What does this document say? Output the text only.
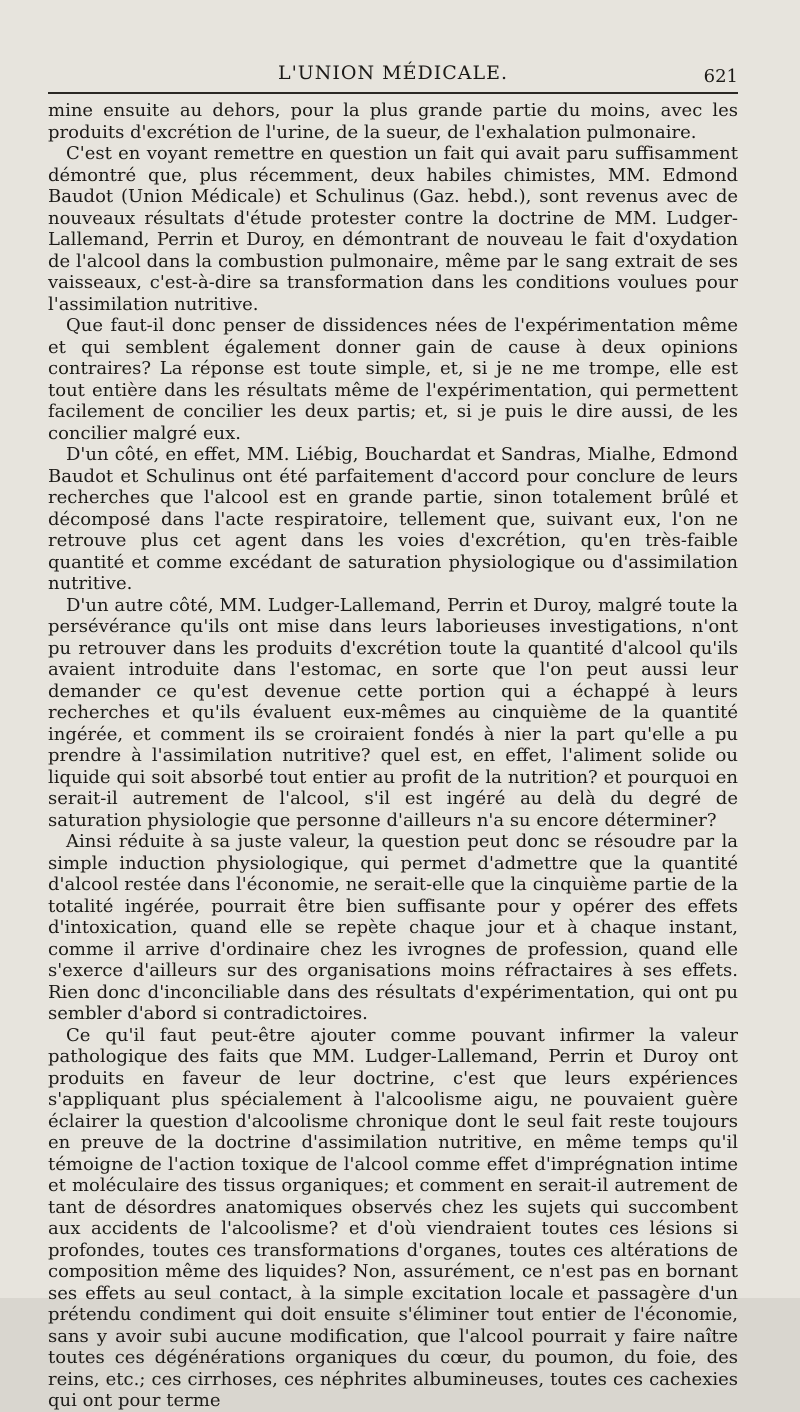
L'UNION MÉDICALE.	621

mine ensuite au dehors, pour la plus grande partie du moins, avec les produits d'excrétion de l'urine, de la sueur, de l'exhalation pulmonaire.

C'est en voyant remettre en question un fait qui avait paru suffisamment démontré que, plus récemment, deux habiles chimistes, MM. Edmond Baudot (Union Médicale) et Schulinus (Gaz. hebd.), sont revenus avec de nouveaux résultats d'étude protester contre la doctrine de MM. Ludger-Lallemand, Perrin et Duroy, en démontrant de nouveau le fait d'oxydation de l'alcool dans la combustion pulmonaire, même par le sang extrait de ses vaisseaux, c'est-à-dire sa transformation dans les conditions voulues pour l'assimilation nutritive.

Que faut-il donc penser de dissidences nées de l'expérimentation même et qui semblent également donner gain de cause à deux opinions contraires? La réponse est toute simple, et, si je ne me trompe, elle est tout entière dans les résultats même de l'expérimentation, qui permettent facilement de concilier les deux partis; et, si je puis le dire aussi, de les concilier malgré eux.

D'un côté, en effet, MM. Liébig, Bouchardat et Sandras, Mialhe, Edmond Baudot et Schulinus ont été parfaitement d'accord pour conclure de leurs recherches que l'alcool est en grande partie, sinon totalement brûlé et décomposé dans l'acte respiratoire, tellement que, suivant eux, l'on ne retrouve plus cet agent dans les voies d'excrétion, qu'en très-faible quantité et comme excédant de saturation physiologique ou d'assimilation nutritive.

D'un autre côté, MM. Ludger-Lallemand, Perrin et Duroy, malgré toute la persévérance qu'ils ont mise dans leurs laborieuses investigations, n'ont pu retrouver dans les produits d'excrétion toute la quantité d'alcool qu'ils avaient introduite dans l'estomac, en sorte que l'on peut aussi leur demander ce qu'est devenue cette portion qui a échappé à leurs recherches et qu'ils évaluent eux-mêmes au cinquième de la quantité ingérée, et comment ils se croiraient fondés à nier la part qu'elle a pu prendre à l'assimilation nutritive? quel est, en effet, l'aliment solide ou liquide qui soit absorbé tout entier au profit de la nutrition? et pourquoi en serait-il autrement de l'alcool, s'il est ingéré au delà du degré de saturation physiologie que personne d'ailleurs n'a su encore déterminer?

Ainsi réduite à sa juste valeur, la question peut donc se résoudre par la simple induction physiologique, qui permet d'admettre que la quantité d'alcool restée dans l'économie, ne serait-elle que la cinquième partie de la totalité ingérée, pourrait être bien suffisante pour y opérer des effets d'intoxication, quand elle se repète chaque jour et à chaque instant, comme il arrive d'ordinaire chez les ivrognes de profession, quand elle s'exerce d'ailleurs sur des organisations moins réfractaires à ses effets. Rien donc d'inconciliable dans des résultats d'expérimentation, qui ont pu sembler d'abord si contradictoires.

Ce qu'il faut peut-être ajouter comme pouvant infirmer la valeur pathologique des faits que MM. Ludger-Lallemand, Perrin et Duroy ont produits en faveur de leur doctrine, c'est que leurs expériences s'appliquant plus spécialement à l'alcoolisme aigu, ne pouvaient guère éclairer la question d'alcoolisme chronique dont le seul fait reste toujours en preuve de la doctrine d'assimilation nutritive, en même temps qu'il témoigne de l'action toxique de l'alcool comme effet d'imprégnation intime et moléculaire des tissus organiques; et comment en serait-il autrement de tant de désordres anatomiques observés chez les sujets qui succombent aux accidents de l'alcoolisme? et d'où viendraient toutes ces lésions si profondes, toutes ces transformations d'organes, toutes ces altérations de composition même des liquides? Non, assurément, ce n'est pas en bornant ses effets au seul contact, à la simple excitation locale et passagère d'un prétendu condiment qui doit ensuite s'éliminer tout entier de l'économie, sans y avoir subi aucune modification, que l'alcool pourrait y faire naître toutes ces dégénérations organiques du cœur, du poumon, du foie, des reins, etc.; ces cirrhoses, ces néphrites albumineuses, toutes ces cachexies qui ont pour terme
